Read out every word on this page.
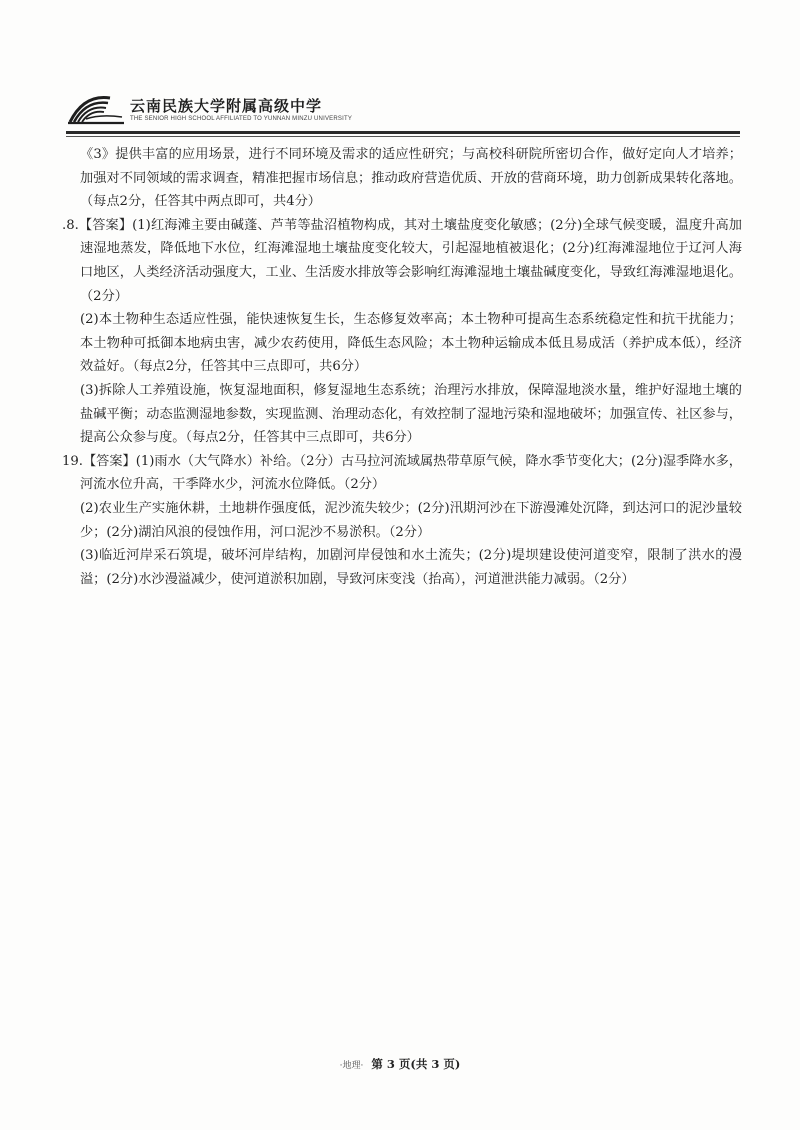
云南民族大学附属高级中学
THE SENIOR HIGH SCHOOL AFFILIATED TO YUNNAN MINZU UNIVERSITY

《3》提供丰富的应用场景，进行不同环境及需求的适应性研究；与高校科研院所密切合作，做好定向人才培养；加强对不同领域的需求调查，精准把握市场信息；推动政府营造优质、开放的营商环境，助力创新成果转化落地。（每点2分，任答其中两点即可，共4分）

.8.【答案】(1)红海滩主要由碱蓬、芦苇等盐沼植物构成，其对土壤盐度变化敏感；(2分)全球气候变暖，温度升高加速湿地蒸发，降低地下水位，红海滩湿地土壤盐度变化较大，引起湿地植被退化；(2分)红海滩湿地位于辽河人海口地区，人类经济活动强度大，工业、生活废水排放等会影响红海滩湿地土壤盐碱度变化，导致红海滩湿地退化。（2分）

(2)本土物种生态适应性强，能快速恢复生长，生态修复效率高；本土物种可提高生态系统稳定性和抗干扰能力；本土物种可抵御本地病虫害，减少农药使用，降低生态风险；本土物种运输成本低且易成活（养护成本低），经济效益好。（每点2分，任答其中三点即可，共6分）

(3)拆除人工养殖设施，恢复湿地面积，修复湿地生态系统；治理污水排放，保障湿地淡水量，维护好湿地土壤的盐碱平衡；动态监测湿地参数，实现监测、治理动态化，有效控制了湿地污染和湿地破坏；加强宣传、社区参与，提高公众参与度。（每点2分，任答其中三点即可，共6分）

19.【答案】(1)雨水（大气降水）补给。（2分）古马拉河流域属热带草原气候，降水季节变化大；(2分)湿季降水多，河流水位升高，干季降水少，河流水位降低。（2分）

(2)农业生产实施休耕，土地耕作强度低，泥沙流失较少；(2分)汛期河沙在下游漫滩处沉降，到达河口的泥沙量较少；(2分)湖泊风浪的侵蚀作用，河口泥沙不易淤积。（2分）

(3)临近河岸采石筑堤，破坏河岸结构，加剧河岸侵蚀和水土流失；(2分)堤坝建设使河道变窄，限制了洪水的漫溢；(2分)水沙漫溢减少，使河道淤积加剧，导致河床变浅（抬高），河道泄洪能力减弱。（2分）

·地理· 第 3 页(共 3 页)
